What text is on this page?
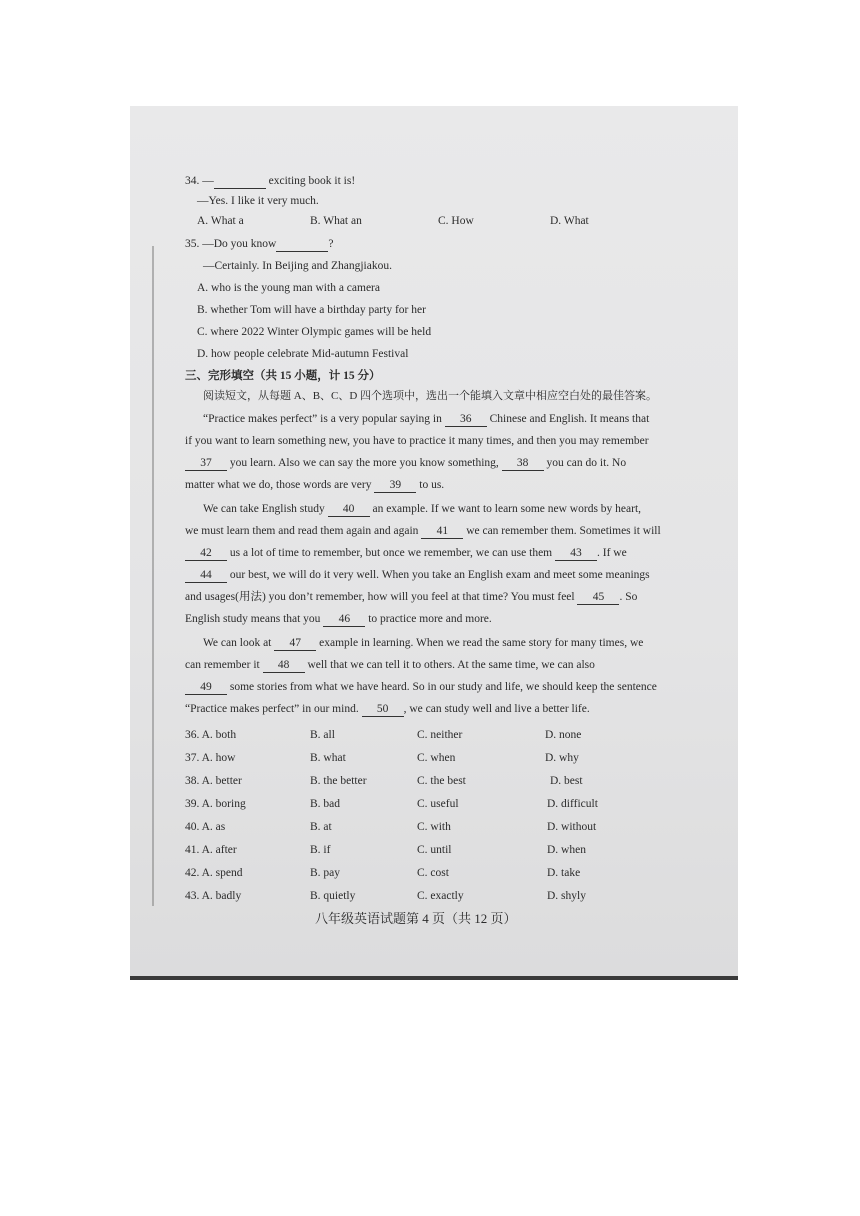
34. —	exciting book it is!
—Yes. I like it very much.
A. What a	B. What an	C. How	D. What
35. —Do you know	?
—Certainly. In Beijing and Zhangjiakou.
A. who is the young man with a camera
B. whether Tom will have a birthday party for her
C. where 2022 Winter Olympic games will be held
D. how people celebrate Mid-autumn Festival
三、完形填空（共 15 小题，计 15 分）
阅读短文，从每题 A、B、C、D 四个选项中，选出一个能填入文章中相应空白处的最佳答案。
“Practice makes perfect” is a very popular saying in 36 Chinese and English. It means that
if you want to learn something new, you have to practice it many times, and then you may remember
37 you learn. Also we can say the more you know something, 38 you can do it. No
matter what we do, those words are very 39 to us.
We can take English study 40 an example. If we want to learn some new words by heart,
we must learn them and read them again and again 41 we can remember them. Sometimes it will
42 us a lot of time to remember, but once we remember, we can use them 43 . If we
44 our best, we will do it very well. When you take an English exam and meet some meanings
and usages(用法) you don’t remember, how will you feel at that time? You must feel 45 . So
English study means that you 46 to practice more and more.
We can look at 47 example in learning. When we read the same story for many times, we
can remember it 48 well that we can tell it to others. At the same time, we can also
49 some stories from what we have heard. So in our study and life, we should keep the sentence
“Practice makes perfect” in our mind. 50 , we can study well and live a better life.
36. A. both	B. all	C. neither	D. none
37. A. how	B. what	C. when	D. why
38. A. better	B. the better	C. the best	D. best
39. A. boring	B. bad	C. useful	D. difficult
40. A. as	B. at	C. with	D. without
41. A. after	B. if	C. until	D. when
42. A. spend	B. pay	C. cost	D. take
43. A. badly	B. quietly	C. exactly	D. shyly
八年级英语试题第 4 页（共 12 页）
